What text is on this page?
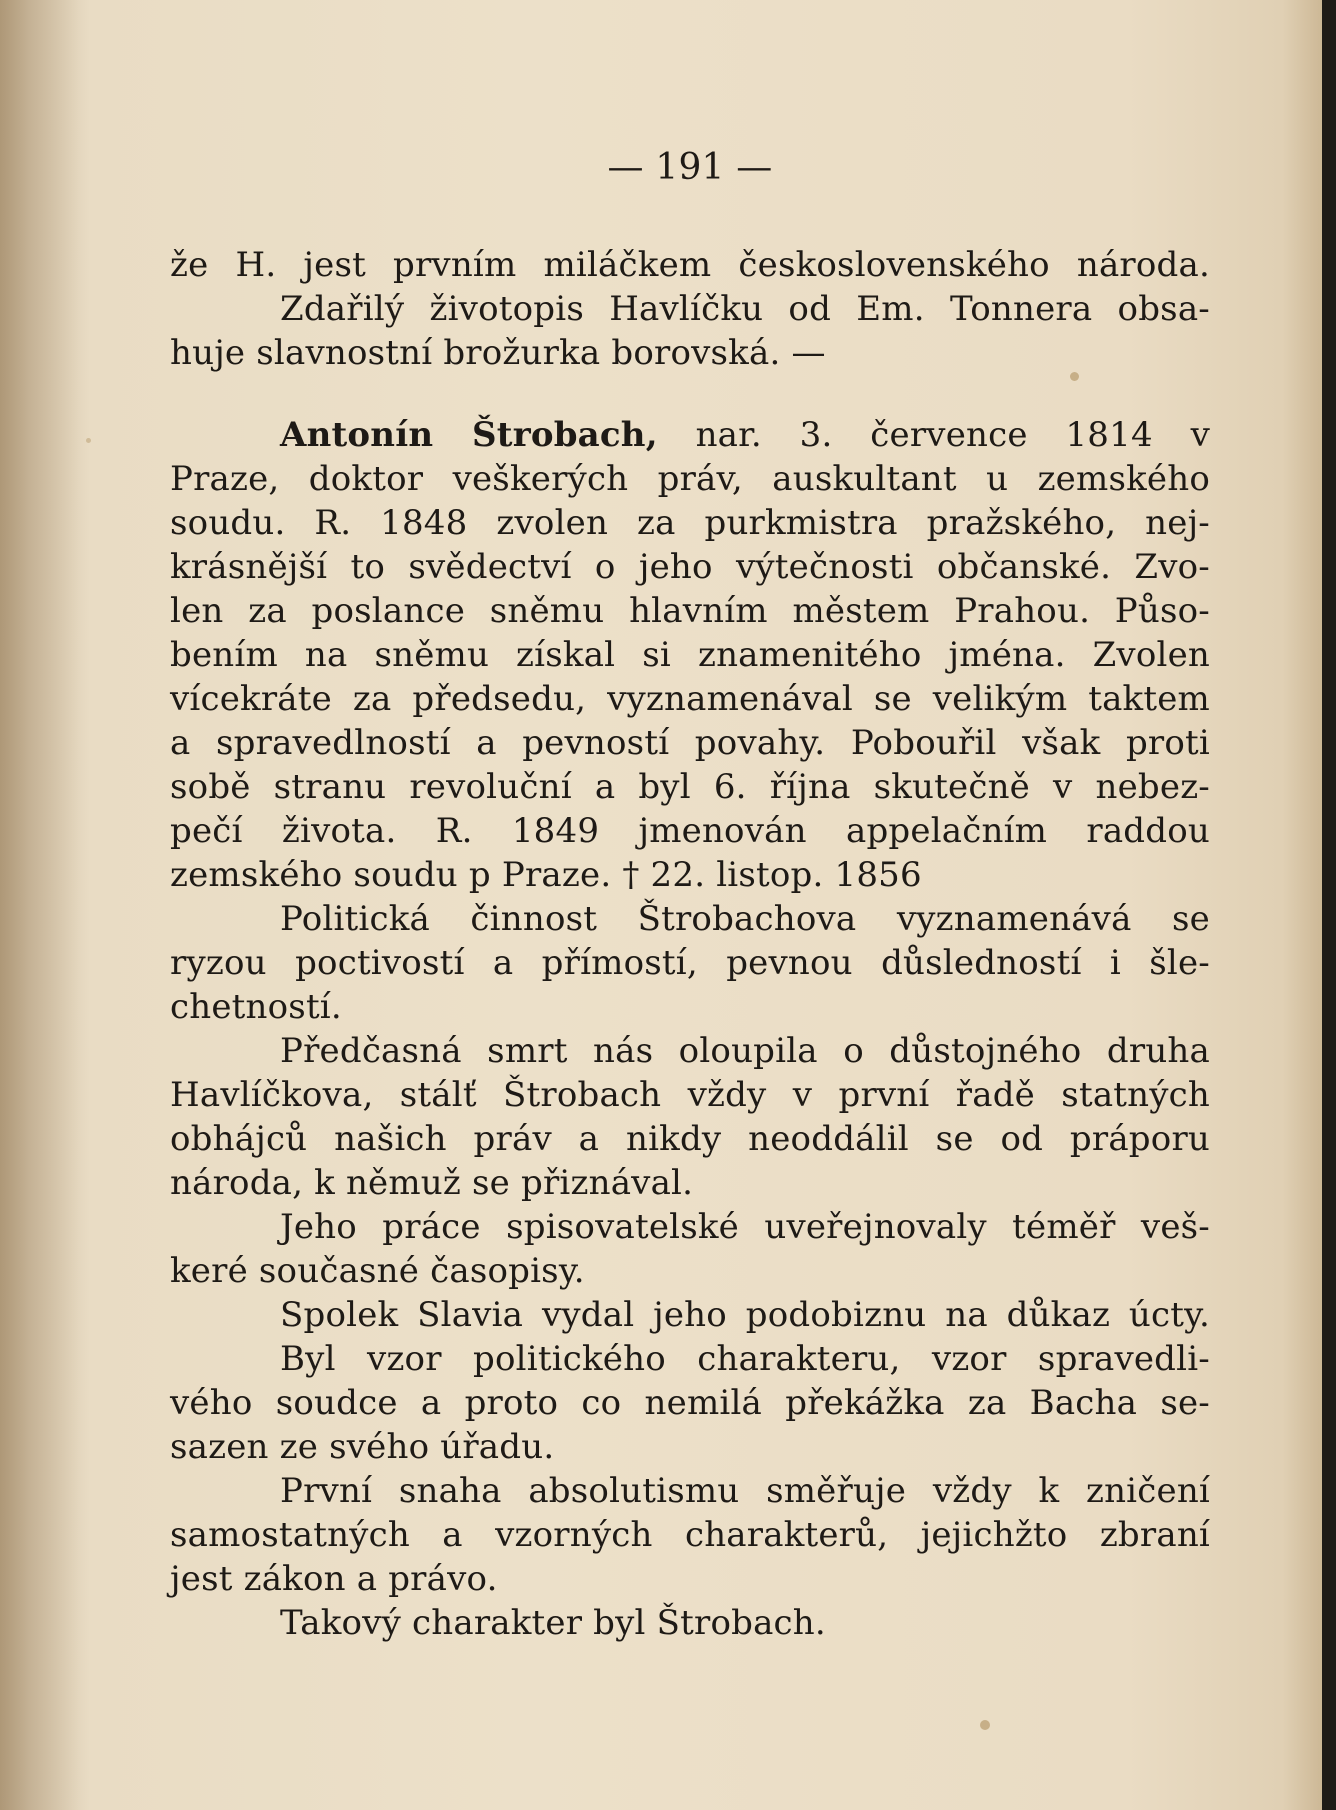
— 191 —
že H. jest prvním miláčkem československého národa.
Zdařilý životopis Havlíčku od Em. Tonnera obsa-
huje slavnostní brožurka borovská. —
Antonín Štrobach, nar. 3. července 1814 v
Praze, doktor veškerých práv, auskultant u zemského
soudu. R. 1848 zvolen za purkmistra pražského, nej-
krásnější to svědectví o jeho výtečnosti občanské. Zvo-
len za poslance sněmu hlavním městem Prahou. Půso-
bením na sněmu získal si znamenitého jména. Zvolen
vícekráte za předsedu, vyznamenával se velikým taktem
a spravedlností a pevností povahy. Pobouřil však proti
sobě stranu revoluční a byl 6. října skutečně v nebez-
pečí života. R. 1849 jmenován appelačním raddou
zemského soudu p Praze. † 22. listop. 1856
Politická činnost Štrobachova vyznamenává se
ryzou poctivostí a přímostí, pevnou důsledností i šle-
chetností.
Předčasná smrt nás oloupila o důstojného druha
Havlíčkova, stálť Štrobach vždy v první řadě statných
obhájců našich práv a nikdy neoddálil se od práporu
národa, k němuž se přiznával.
Jeho práce spisovatelské uveřejnovaly téměř veš-
keré současné časopisy.
Spolek Slavia vydal jeho podobiznu na důkaz úcty.
Byl vzor politického charakteru, vzor spravedli-
vého soudce a proto co nemilá překážka za Bacha se-
sazen ze svého úřadu.
První snaha absolutismu směřuje vždy k zničení
samostatných a vzorných charakterů, jejichžto zbraní
jest zákon a právo.
Takový charakter byl Štrobach.
